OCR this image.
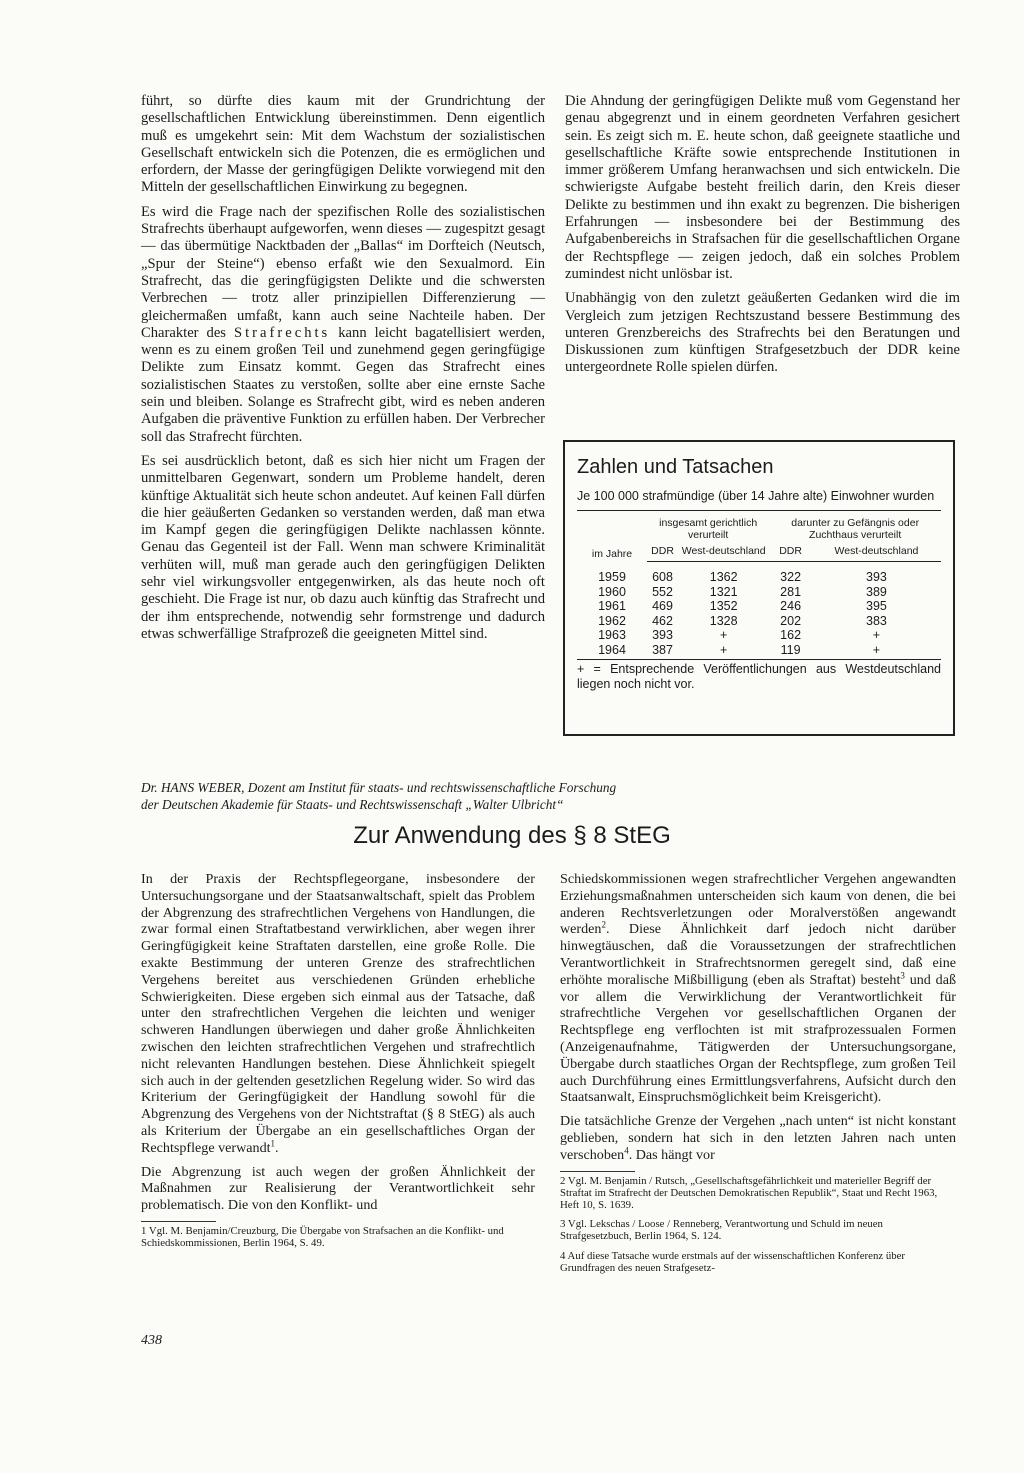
führt, so dürfte dies kaum mit der Grundrichtung der gesellschaftlichen Entwicklung übereinstimmen. Denn eigentlich muß es umgekehrt sein: Mit dem Wachstum der sozialistischen Gesellschaft entwickeln sich die Potenzen, die es ermöglichen und erfordern, der Masse der geringfügigen Delikte vorwiegend mit den Mitteln der gesellschaftlichen Einwirkung zu begegnen.

Es wird die Frage nach der spezifischen Rolle des sozialistischen Strafrechts überhaupt aufgeworfen, wenn dieses — zugespitzt gesagt — das übermütige Nacktbaden der „Ballas“ im Dorfteich (Neutsch, „Spur der Steine“) ebenso erfaßt wie den Sexualmord. Ein Strafrecht, das die geringfügigsten Delikte und die schwersten Verbrechen — trotz aller prinzipiellen Differenzierung — gleichermaßen umfaßt, kann auch seine Nachteile haben. Der Charakter des Strafrechts kann leicht bagatellisiert werden, wenn es zu einem großen Teil und zunehmend gegen geringfügige Delikte zum Einsatz kommt. Gegen das Strafrecht eines sozialistischen Staates zu verstoßen, sollte aber eine ernste Sache sein und bleiben. Solange es Strafrecht gibt, wird es neben anderen Aufgaben die präventive Funktion zu erfüllen haben. Der Verbrecher soll das Strafrecht fürchten.

Es sei ausdrücklich betont, daß es sich hier nicht um Fragen der unmittelbaren Gegenwart, sondern um Probleme handelt, deren künftige Aktualität sich heute schon andeutet. Auf keinen Fall dürfen die hier geäußerten Gedanken so verstanden werden, daß man etwa im Kampf gegen die geringfügigen Delikte nachlassen könnte. Genau das Gegenteil ist der Fall. Wenn man schwere Kriminalität verhüten will, muß man gerade auch den geringfügigen Delikten sehr viel wirkungsvoller entgegenwirken, als das heute noch oft geschieht. Die Frage ist nur, ob dazu auch künftig das Strafrecht und der ihm entsprechende, notwendig sehr formstrenge und dadurch etwas schwerfällige Strafprozeß die geeigneten Mittel sind.

Die Ahndung der geringfügigen Delikte muß vom Gegenstand her genau abgegrenzt und in einem geordneten Verfahren gesichert sein. Es zeigt sich m. E. heute schon, daß geeignete staatliche und gesellschaftliche Kräfte sowie entsprechende Institutionen in immer größerem Umfang heranwachsen und sich entwickeln. Die schwierigste Aufgabe besteht freilich darin, den Kreis dieser Delikte zu bestimmen und ihn exakt zu begrenzen. Die bisherigen Erfahrungen — insbesondere bei der Bestimmung des Aufgabenbereichs in Strafsachen für die gesellschaftlichen Organe der Rechtspflege — zeigen jedoch, daß ein solches Problem zumindest nicht unlösbar ist.

Unabhängig von den zuletzt geäußerten Gedanken wird die im Vergleich zum jetzigen Rechtszustand bessere Bestimmung des unteren Grenzbereichs des Strafrechts bei den Beratungen und Diskussionen zum künftigen Strafgesetzbuch der DDR keine untergeordnete Rolle spielen dürfen.

Zahlen und Tatsachen
Je 100 000 strafmündige (über 14 Jahre alte) Einwohner wurden
im Jahre	insgesamt gerichtlich verurteilt		darunter zu Gefängnis oder Zuchthaus verurteilt	
	DDR	West-deutschland	DDR	West-deutschland
1959	608	1362	322	393
1960	552	1321	281	389
1961	469	1352	246	395
1962	462	1328	202	383
1963	393	+	162	+
1964	387	+	119	+
+ = Entsprechende Veröffentlichungen aus Westdeutschland liegen noch nicht vor.
Dr. HANS WEBER, Dozent am Institut für staats- und rechtswissenschaftliche Forschung
der Deutschen Akademie für Staats- und Rechtswissenschaft „Walter Ulbricht“
Zur Anwendung des § 8 StEG

In der Praxis der Rechtspflegeorgane, insbesondere der Untersuchungsorgane und der Staatsanwaltschaft, spielt das Problem der Abgrenzung des strafrechtlichen Vergehens von Handlungen, die zwar formal einen Straftatbestand verwirklichen, aber wegen ihrer Geringfügigkeit keine Straftaten darstellen, eine große Rolle. Die exakte Bestimmung der unteren Grenze des strafrechtlichen Vergehens bereitet aus verschiedenen Gründen erhebliche Schwierigkeiten. Diese ergeben sich einmal aus der Tatsache, daß unter den strafrechtlichen Vergehen die leichten und weniger schweren Handlungen überwiegen und daher große Ähnlichkeiten zwischen den leichten strafrechtlichen Vergehen und strafrechtlich nicht relevanten Handlungen bestehen. Diese Ähnlichkeit spiegelt sich auch in der geltenden gesetzlichen Regelung wider. So wird das Kriterium der Geringfügigkeit der Handlung sowohl für die Abgrenzung des Vergehens von der Nichtstraftat (§ 8 StEG) als auch als Kriterium der Übergabe an ein gesellschaftliches Organ der Rechtspflege verwandt$^1$.

Die Abgrenzung ist auch wegen der großen Ähnlichkeit der Maßnahmen zur Realisierung der Verantwortlichkeit sehr problematisch. Die von den Konflikt- und

1 Vgl. M. Benjamin/Creuzburg, Die Übergabe von Strafsachen an die Konflikt- und Schiedskommissionen, Berlin 1964, S. 49.

Schiedskommissionen wegen strafrechtlicher Vergehen angewandten Erziehungsmaßnahmen unterscheiden sich kaum von denen, die bei anderen Rechtsverletzungen oder Moralverstößen angewandt werden$^2$. Diese Ähnlichkeit darf jedoch nicht darüber hinwegtäuschen, daß die Voraussetzungen der strafrechtlichen Verantwortlichkeit in Strafrechtsnormen geregelt sind, daß eine erhöhte moralische Mißbilligung (eben als Straftat) besteht$^3$ und daß vor allem die Verwirklichung der Verantwortlichkeit für strafrechtliche Vergehen vor gesellschaftlichen Organen der Rechtspflege eng verflochten ist mit strafprozessualen Formen (Anzeigenaufnahme, Tätigwerden der Untersuchungsorgane, Übergabe durch staatliches Organ der Rechtspflege, zum großen Teil auch Durchführung eines Ermittlungsverfahrens, Aufsicht durch den Staatsanwalt, Einspruchsmöglichkeit beim Kreisgericht).

Die tatsächliche Grenze der Vergehen „nach unten“ ist nicht konstant geblieben, sondern hat sich in den letzten Jahren nach unten verschoben$^4$. Das hängt vor

2 Vgl. M. Benjamin / Rutsch, „Gesellschaftsgefährlichkeit und materieller Begriff der Straftat im Strafrecht der Deutschen Demokratischen Republik“, Staat und Recht 1963, Heft 10, S. 1639.

3 Vgl. Lekschas / Loose / Renneberg, Verantwortung und Schuld im neuen Strafgesetzbuch, Berlin 1964, S. 124.

4 Auf diese Tatsache wurde erstmals auf der wissenschaftlichen Konferenz über Grundfragen des neuen Strafgesetz-

438
